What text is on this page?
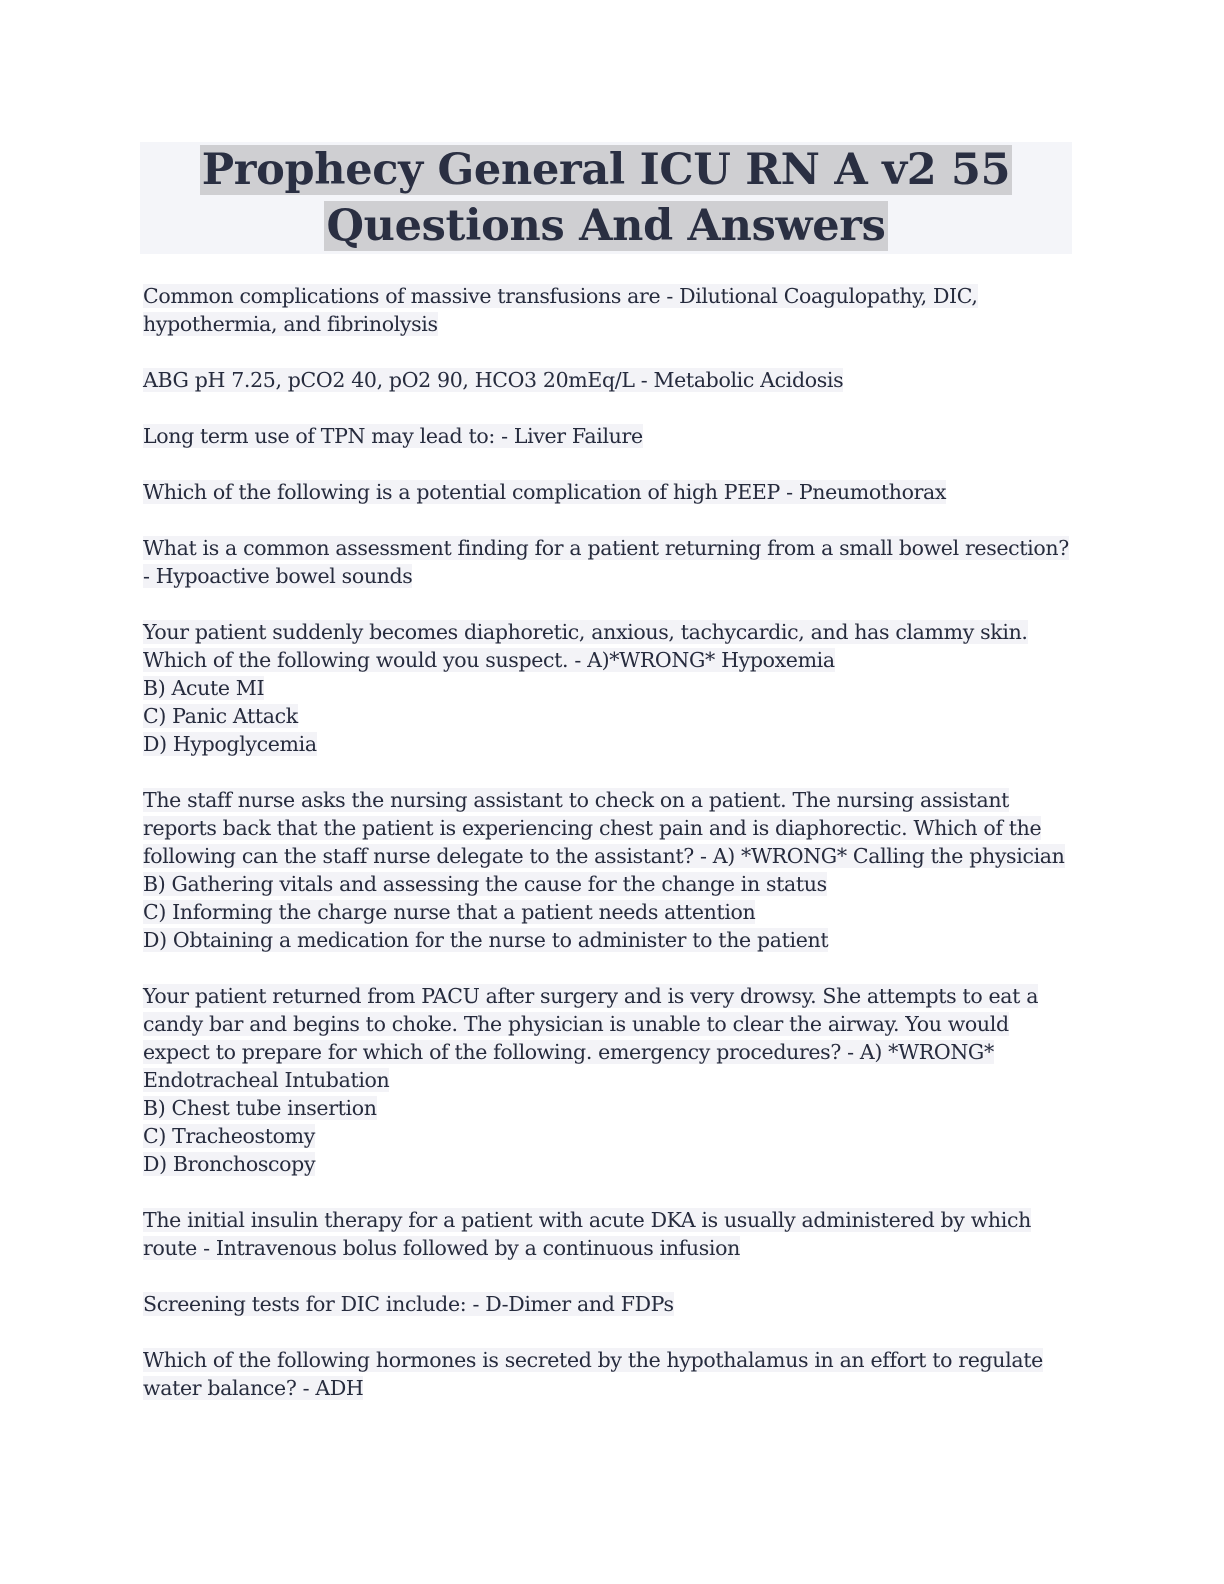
Prophecy General ICU RN A v2 55
Questions And Answers
Common complications of massive transfusions are - Dilutional Coagulopathy, DIC,
hypothermia, and fibrinolysis
ABG pH 7.25, pCO2 40, pO2 90, HCO3 20mEq/L - Metabolic Acidosis
Long term use of TPN may lead to: - Liver Failure
Which of the following is a potential complication of high PEEP - Pneumothorax
What is a common assessment finding for a patient returning from a small bowel resection?
- Hypoactive bowel sounds
Your patient suddenly becomes diaphoretic, anxious, tachycardic, and has clammy skin.
Which of the following would you suspect. - A)*WRONG* Hypoxemia
B) Acute MI
C) Panic Attack
D) Hypoglycemia
The staff nurse asks the nursing assistant to check on a patient. The nursing assistant
reports back that the patient is experiencing chest pain and is diaphorectic. Which of the
following can the staff nurse delegate to the assistant? - A) *WRONG* Calling the physician
B) Gathering vitals and assessing the cause for the change in status
C) Informing the charge nurse that a patient needs attention
D) Obtaining a medication for the nurse to administer to the patient
Your patient returned from PACU after surgery and is very drowsy. She attempts to eat a
candy bar and begins to choke. The physician is unable to clear the airway. You would
expect to prepare for which of the following. emergency procedures? - A) *WRONG*
Endotracheal Intubation
B) Chest tube insertion
C) Tracheostomy
D) Bronchoscopy
The initial insulin therapy for a patient with acute DKA is usually administered by which
route - Intravenous bolus followed by a continuous infusion
Screening tests for DIC include: - D-Dimer and FDPs
Which of the following hormones is secreted by the hypothalamus in an effort to regulate
water balance? - ADH
